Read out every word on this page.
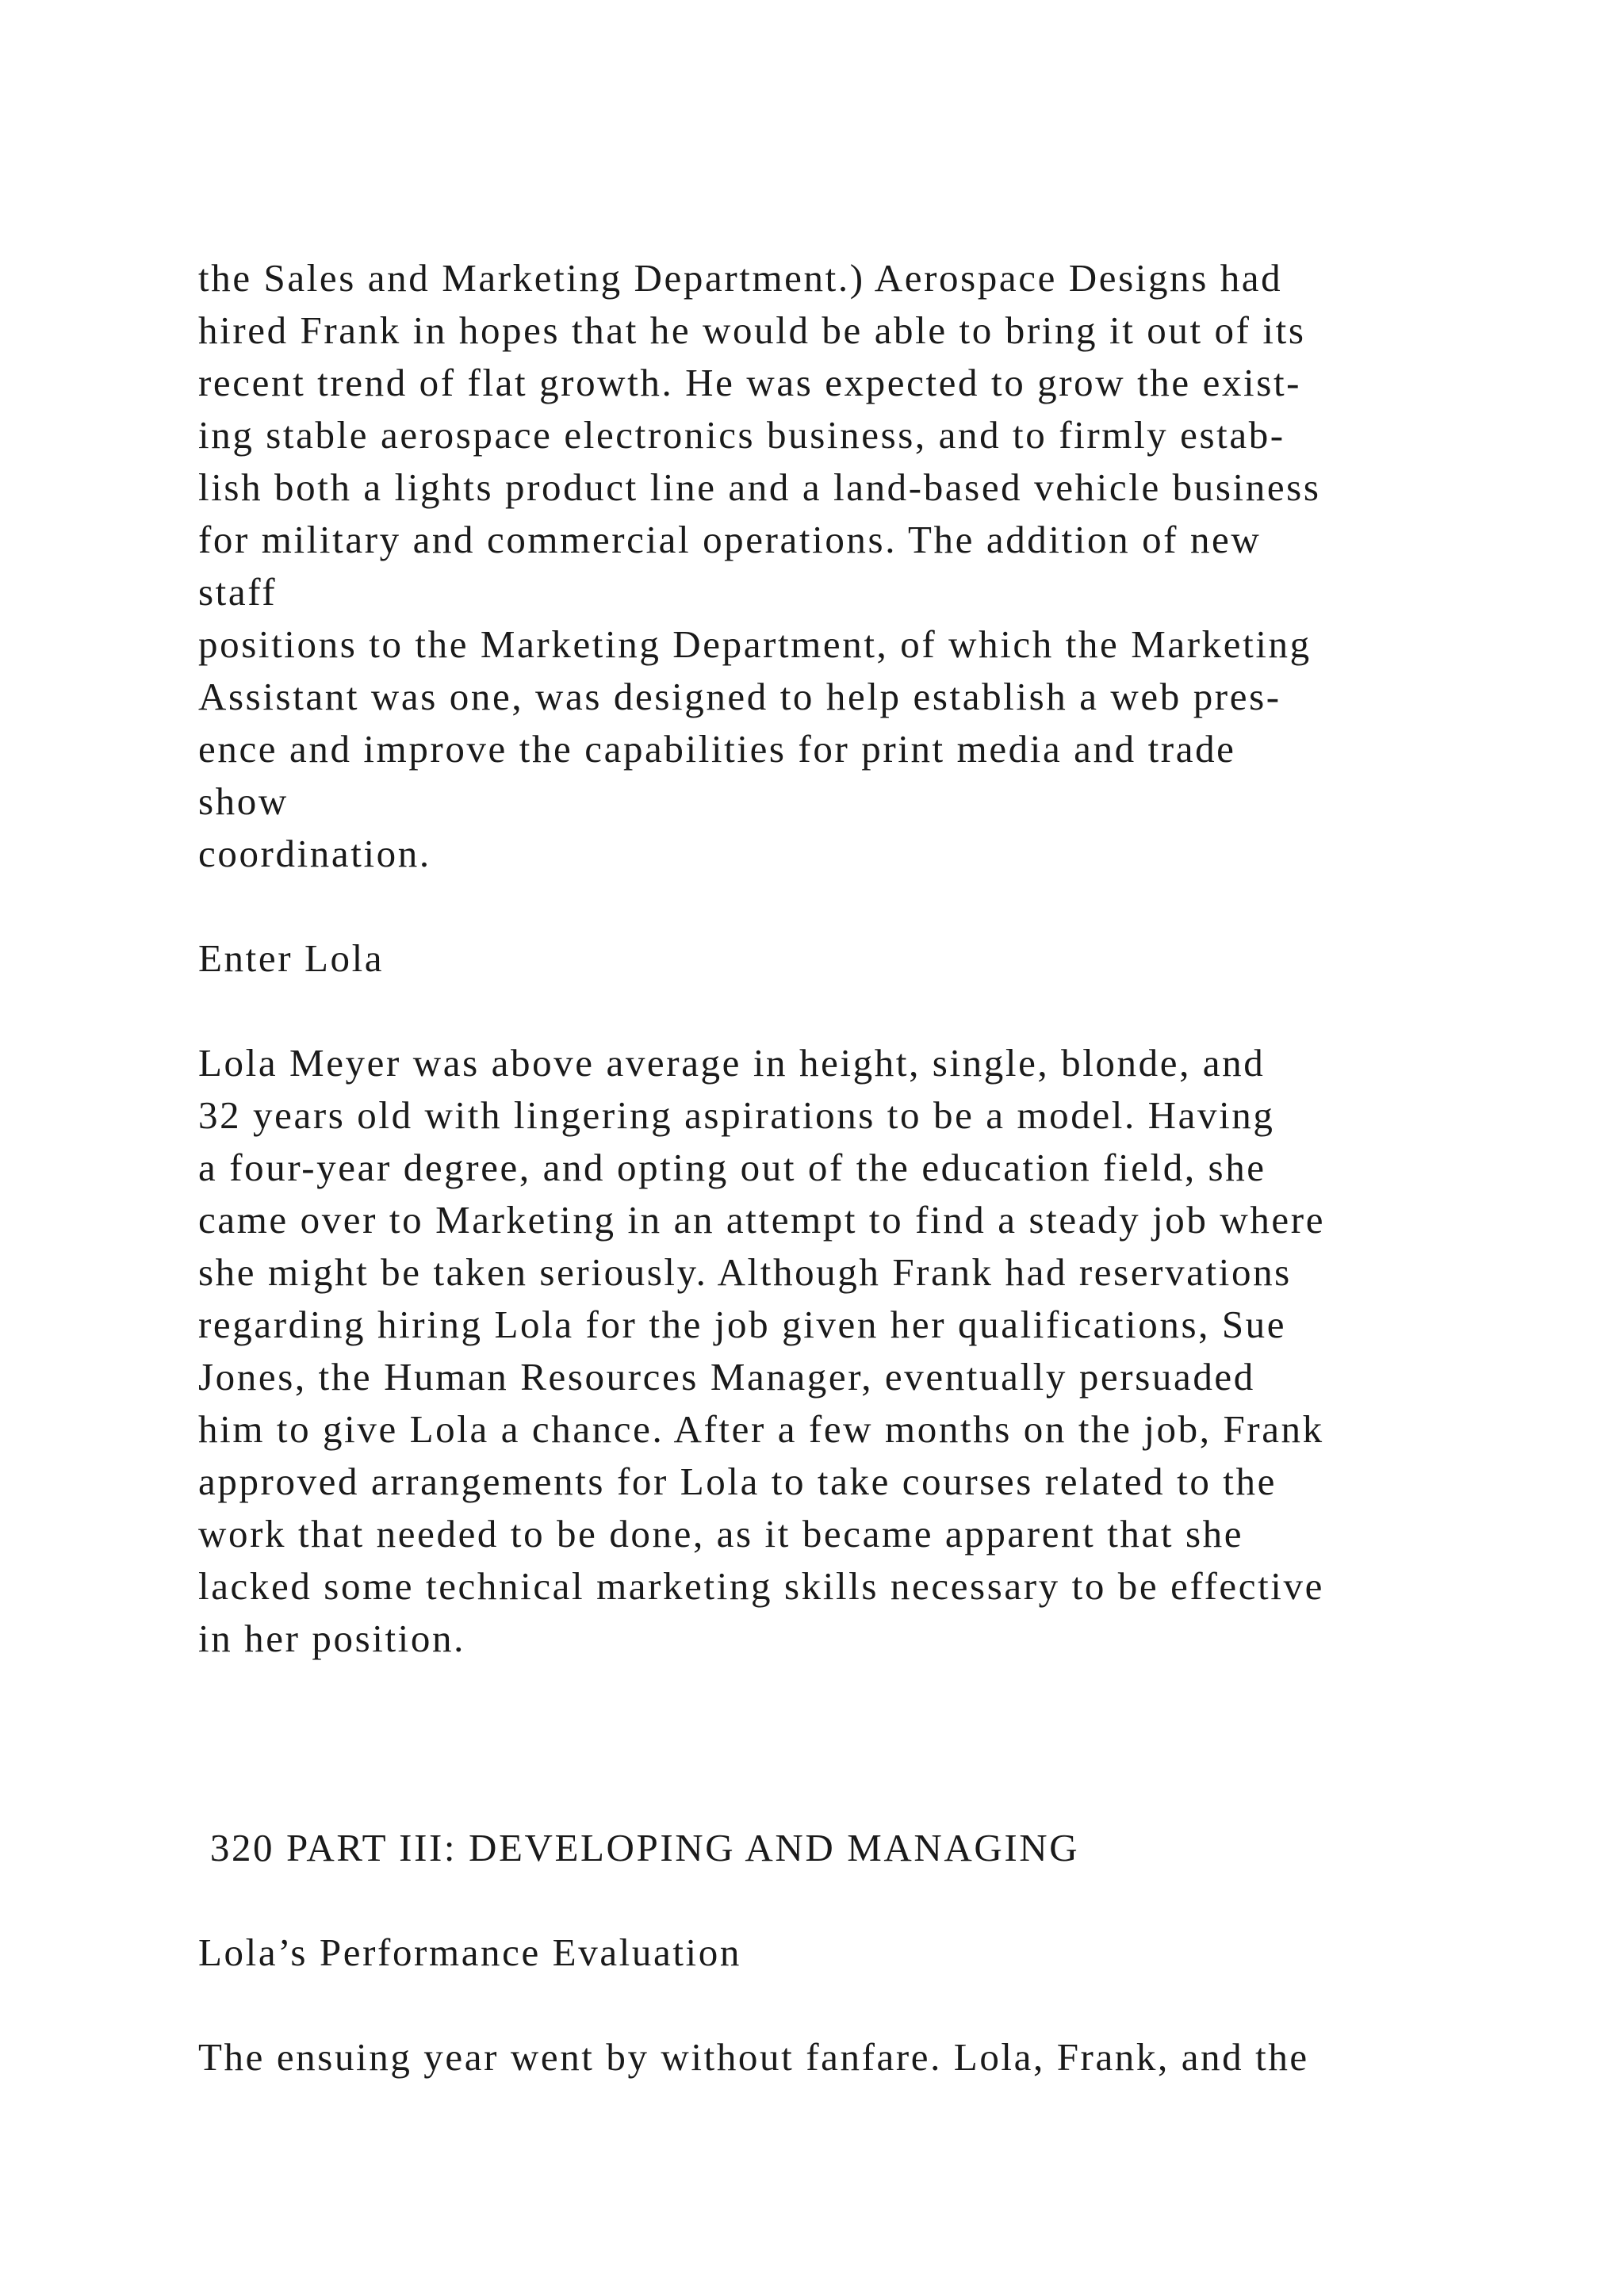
the Sales and Marketing Department.) Aerospace Designs had

hired Frank in hopes that he would be able to bring it out of its

recent trend of flat growth. He was expected to grow the exist-

ing stable aerospace electronics business, and to firmly estab-

lish both a lights product line and a land-based vehicle business

for military and commercial operations. The addition of new

staff

positions to the Marketing Department, of which the Marketing

Assistant was one, was designed to help establish a web pres-

ence and improve the capabilities for print media and trade

show

coordination.

Enter Lola

Lola Meyer was above average in height, single, blonde, and

32 years old with lingering aspirations to be a model. Having

a four-year degree, and opting out of the education field, she

came over to Marketing in an attempt to find a steady job where

she might be taken seriously. Although Frank had reservations

regarding hiring Lola for the job given her qualifications, Sue

Jones, the Human Resources Manager, eventually persuaded

him to give Lola a chance. After a few months on the job, Frank

approved arrangements for Lola to take courses related to the

work that needed to be done, as it became apparent that she

lacked some technical marketing skills necessary to be effective

in her position.

320 PART III: DEVELOPING AND MANAGING

Lola’s Performance Evaluation

The ensuing year went by without fanfare. Lola, Frank, and the
